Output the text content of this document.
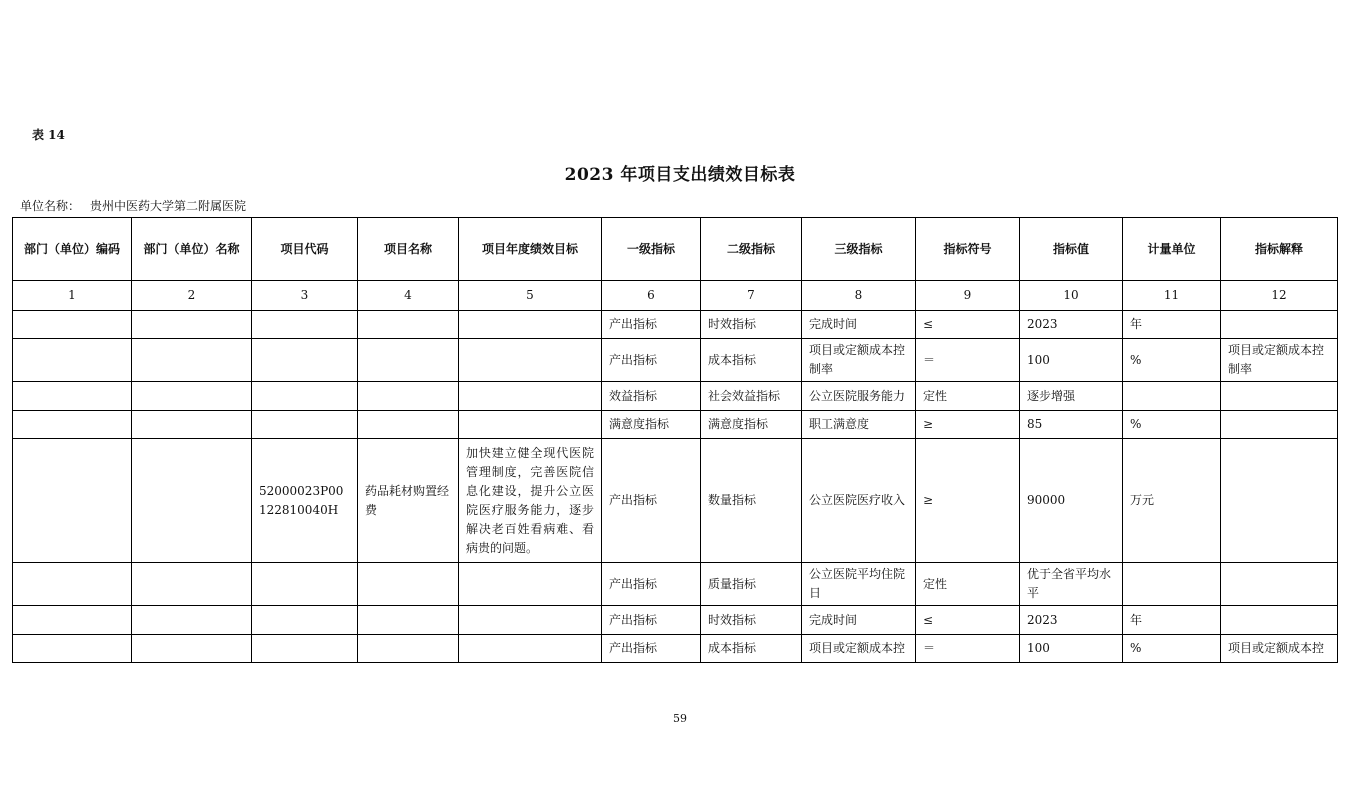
表 14
2023 年项目支出绩效目标表
单位名称： 贵州中医药大学第二附属医院
部门（单位）编码	部门（单位）名称	项目代码	项目名称	项目年度绩效目标	一级指标	二级指标	三级指标	指标符号	指标值	计量单位	指标解释
1	2	3	4	5	6	7	8	9	10	11	12
					产出指标	时效指标	完成时间	≤	2023	年	
					产出指标	成本指标	项目或定额成本控制率	＝	100	%	项目或定额成本控制率
					效益指标	社会效益指标	公立医院服务能力	定性	逐步增强		
					满意度指标	满意度指标	职工满意度	≥	85	%	
		52000023P00122810040H	药品耗材购置经费	加快建立健全现代医院管理制度，完善医院信息化建设，提升公立医院医疗服务能力，逐步解决老百姓看病难、看病贵的问题。	产出指标	数量指标	公立医院医疗收入	≥	90000	万元	
					产出指标	质量指标	公立医院平均住院日	定性	优于全省平均水平		
					产出指标	时效指标	完成时间	≤	2023	年	
					产出指标	成本指标	项目或定额成本控	＝	100	%	项目或定额成本控
59
